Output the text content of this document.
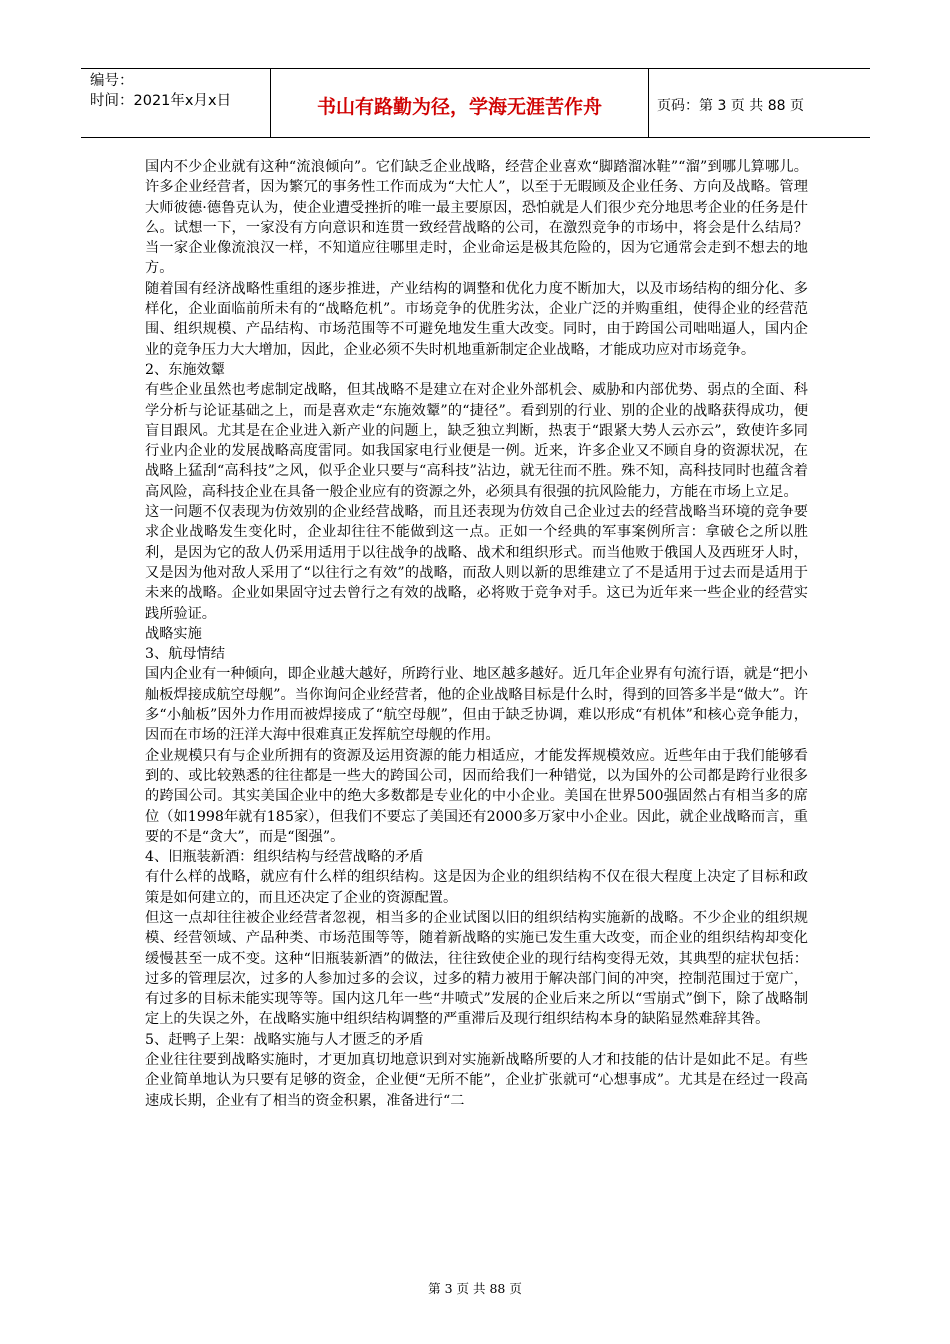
编号：
时间：2021年x月x日	书山有路勤为径，学海无涯苦作舟	页码：第 3 页 共 88 页

国内不少企业就有这种“流浪倾向”。它们缺乏企业战略，经营企业喜欢“脚踏溜冰鞋”“溜”到哪儿算哪儿。许多企业经营者，因为繁冗的事务性工作而成为“大忙人”，以至于无暇顾及企业任务、方向及战略。管理大师彼德·德鲁克认为，使企业遭受挫折的唯一最主要原因，恐怕就是人们很少充分地思考企业的任务是什么。试想一下，一家没有方向意识和连贯一致经营战略的公司，在激烈竞争的市场中，将会是什么结局？当一家企业像流浪汉一样，不知道应往哪里走时，企业命运是极其危险的，因为它通常会走到不想去的地方。

随着国有经济战略性重组的逐步推进，产业结构的调整和优化力度不断加大，以及市场结构的细分化、多样化，企业面临前所未有的“战略危机”。市场竞争的优胜劣汰，企业广泛的并购重组，使得企业的经营范围、组织规模、产品结构、市场范围等不可避免地发生重大改变。同时，由于跨国公司咄咄逼人，国内企业的竞争压力大大增加，因此，企业必须不失时机地重新制定企业战略，才能成功应对市场竞争。

2、东施效颦

有些企业虽然也考虑制定战略，但其战略不是建立在对企业外部机会、威胁和内部优势、弱点的全面、科学分析与论证基础之上，而是喜欢走“东施效颦”的“捷径”。看到别的行业、别的企业的战略获得成功，便盲目跟风。尤其是在企业进入新产业的问题上，缺乏独立判断，热衷于“跟紧大势人云亦云”，致使许多同行业内企业的发展战略高度雷同。如我国家电行业便是一例。近来，许多企业又不顾自身的资源状况，在战略上猛刮“高科技”之风，似乎企业只要与“高科技”沾边，就无往而不胜。殊不知，高科技同时也蕴含着高风险，高科技企业在具备一般企业应有的资源之外，必须具有很强的抗风险能力，方能在市场上立足。

这一问题不仅表现为仿效别的企业经营战略，而且还表现为仿效自己企业过去的经营战略当环境的竞争要求企业战略发生变化时，企业却往往不能做到这一点。正如一个经典的军事案例所言：拿破仑之所以胜利，是因为它的敌人仍采用适用于以往战争的战略、战术和组织形式。而当他败于俄国人及西班牙人时，又是因为他对敌人采用了“以往行之有效”的战略，而敌人则以新的思维建立了不是适用于过去而是适用于未来的战略。企业如果固守过去曾行之有效的战略，必将败于竞争对手。这已为近年来一些企业的经营实践所验证。

战略实施

3、航母情结

国内企业有一种倾向，即企业越大越好，所跨行业、地区越多越好。近几年企业界有句流行语，就是“把小舢板焊接成航空母舰”。当你询问企业经营者，他的企业战略目标是什么时，得到的回答多半是“做大”。许多“小舢板”因外力作用而被焊接成了“航空母舰”，但由于缺乏协调，难以形成“有机体”和核心竞争能力，因而在市场的汪洋大海中很难真正发挥航空母舰的作用。

企业规模只有与企业所拥有的资源及运用资源的能力相适应，才能发挥规模效应。近些年由于我们能够看到的、或比较熟悉的往往都是一些大的跨国公司，因而给我们一种错觉，以为国外的公司都是跨行业很多的跨国公司。其实美国企业中的绝大多数都是专业化的中小企业。美国在世界500强固然占有相当多的席位（如1998年就有185家），但我们不要忘了美国还有2000多万家中小企业。因此，就企业战略而言，重要的不是“贪大”，而是“图强”。

4、旧瓶装新酒：组织结构与经营战略的矛盾

有什么样的战略，就应有什么样的组织结构。这是因为企业的组织结构不仅在很大程度上决定了目标和政策是如何建立的，而且还决定了企业的资源配置。

但这一点却往往被企业经营者忽视，相当多的企业试图以旧的组织结构实施新的战略。不少企业的组织规模、经营领域、产品种类、市场范围等等，随着新战略的实施已发生重大改变，而企业的组织结构却变化缓慢甚至一成不变。这种“旧瓶装新酒”的做法，往往致使企业的现行结构变得无效，其典型的症状包括：过多的管理层次，过多的人参加过多的会议，过多的精力被用于解决部门间的冲突，控制范围过于宽广，有过多的目标未能实现等等。国内这几年一些“井喷式”发展的企业后来之所以“雪崩式”倒下，除了战略制定上的失误之外，在战略实施中组织结构调整的严重滞后及现行组织结构本身的缺陷显然难辞其咎。

5、赶鸭子上架：战略实施与人才匮乏的矛盾

企业往往要到战略实施时，才更加真切地意识到对实施新战略所要的人才和技能的估计是如此不足。有些企业简单地认为只要有足够的资金，企业便“无所不能”，企业扩张就可“心想事成”。尤其是在经过一段高速成长期，企业有了相当的资金积累，准备进行“二

第 3 页 共 88 页
